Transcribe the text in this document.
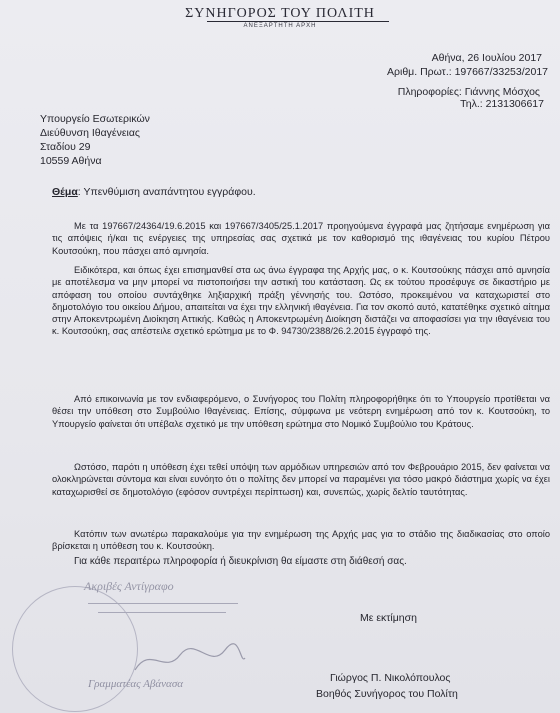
ΣΥΝΗΓΟΡΟΣ ΤΟΥ ΠΟΛΙΤΗ
ΑΝΕΞΑΡΤΗΤΗ ΑΡΧΗ
Αθήνα, 26 Ιουλίου 2017
Αριθμ. Πρωτ.: 197667/33253/2017
Πληροφορίες: Γιάννης Μόσχος
Τηλ.: 2131306617
Υπουργείο Εσωτερικών
Διεύθυνση Ιθαγένειας
Σταδίου 29
10559 Αθήνα
Θέμα: Υπενθύμιση αναπάντητου εγγράφου.

Με τα 197667/24364/19.6.2015 και 197667/3405/25.1.2017 προηγούμενα έγγραφά μας ζητήσαμε ενημέρωση για τις απόψεις ή/και τις ενέργειες της υπηρεσίας σας σχετικά με τον καθορισμό της ιθαγένειας του κυρίου Πέτρου Κουτσούκη, που πάσχει από αμνησία.

Ειδικότερα, και όπως έχει επισημανθεί στα ως άνω έγγραφα της Αρχής μας, ο κ. Κουτσούκης πάσχει από αμνησία με αποτέλεσμα να μην μπορεί να πιστοποιήσει την αστική του κατάσταση. Ως εκ τούτου προσέφυγε σε δικαστήριο με απόφαση του οποίου συντάχθηκε ληξιαρχική πράξη γέννησής του. Ωστόσο, προκειμένου να καταχωριστεί στο δημοτολόγιο του οικείου Δήμου, απαιτείται να έχει την ελληνική ιθαγένεια. Για τον σκοπό αυτό, κατατέθηκε σχετικό αίτημα στην Αποκεντρωμένη Διοίκηση Αττικής. Καθώς η Αποκεντρωμένη Διοίκηση διστάζει να αποφασίσει για την ιθαγένεια του κ. Κουτσούκη, σας απέστειλε σχετικό ερώτημα με το Φ. 94730/2388/26.2.2015 έγγραφό της.

Από επικοινωνία με τον ενδιαφερόμενο, ο Συνήγορος του Πολίτη πληροφορήθηκε ότι το Υπουργείο προτίθεται να θέσει την υπόθεση στο Συμβούλιο Ιθαγένειας. Επίσης, σύμφωνα με νεότερη ενημέρωση από τον κ. Κουτσούκη, το Υπουργείο φαίνεται ότι υπέβαλε σχετικό με την υπόθεση ερώτημα στο Νομικό Συμβούλιο του Κράτους.

Ωστόσο, παρότι η υπόθεση έχει τεθεί υπόψη των αρμόδιων υπηρεσιών από τον Φεβρουάριο 2015, δεν φαίνεται να ολοκληρώνεται σύντομα και είναι ευνόητο ότι ο πολίτης δεν μπορεί να παραμένει για τόσο μακρό διάστημα χωρίς να έχει καταχωρισθεί σε δημοτολόγιο (εφόσον συντρέχει περίπτωση) και, συνεπώς, χωρίς δελτίο ταυτότητας.

Κατόπιν των ανωτέρω παρακαλούμε για την ενημέρωση της Αρχής μας για το στάδιο της διαδικασίας στο οποίο βρίσκεται η υπόθεση του κ. Κουτσούκη.

Για κάθε περαιτέρω πληροφορία ή διευκρίνιση θα είμαστε στη διάθεσή σας.

Ακριβές Αντίγραφο
Γραμματέας Αβάνασα
Με εκτίμηση
Γιώργος Π. Νικολόπουλος
Βοηθός Συνήγορος του Πολίτη
